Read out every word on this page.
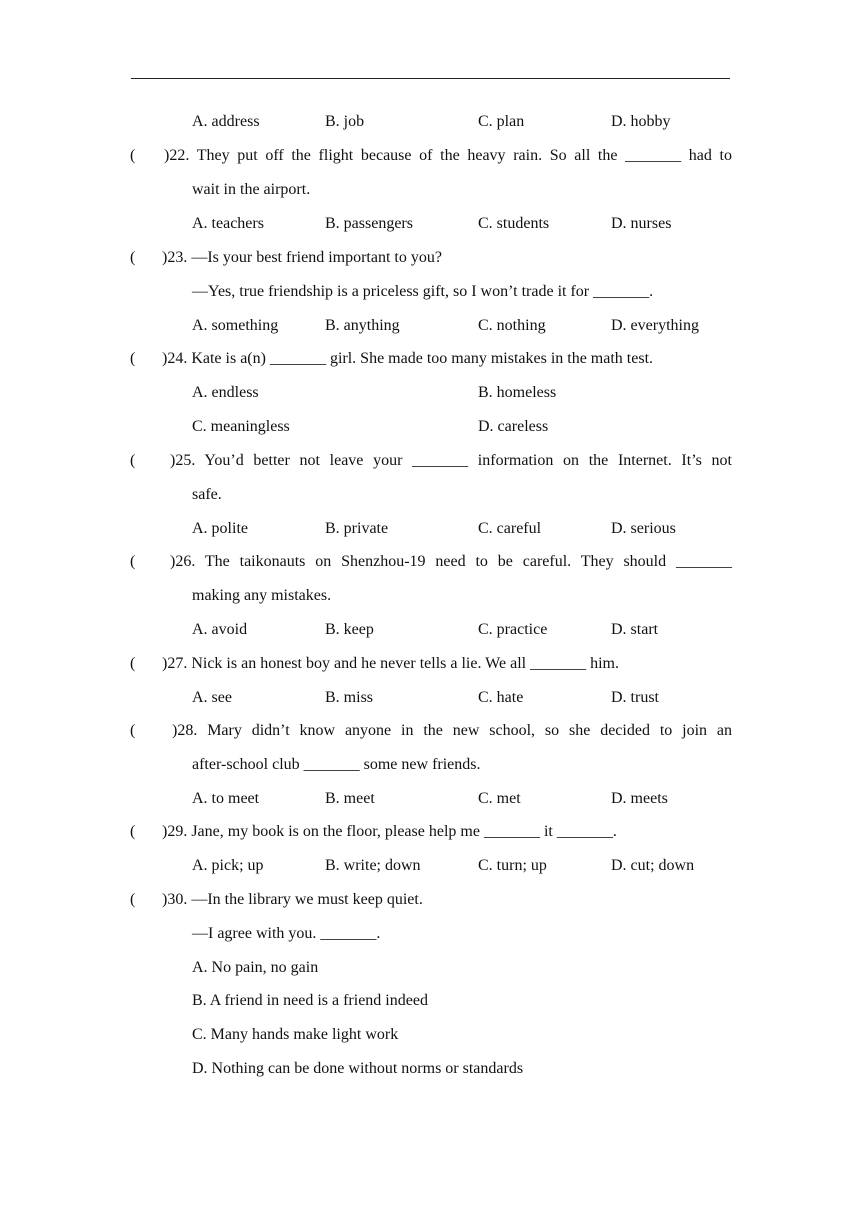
A. address	B. job	C. plan	D. hobby
( )22. They put off the flight because of the heavy rain. So all the _______ had to
wait in the airport.
A. teachers	B. passengers	C. students	D. nurses
( )23. —Is your best friend important to you?
—Yes, true friendship is a priceless gift, so I won’t trade it for _______.
A. something	B. anything	C. nothing	D. everything
( )24. Kate is a(n) _______ girl. She made too many mistakes in the math test.
A. endless	B. homeless
C. meaningless	D. careless
( )25. You’d better not leave your _______ information on the Internet. It’s not
safe.
A. polite	B. private	C. careful	D. serious
( )26. The taikonauts on Shenzhou-19 need to be careful. They should _______
making any mistakes.
A. avoid	B. keep	C. practice	D. start
( )27. Nick is an honest boy and he never tells a lie. We all _______ him.
A. see	B. miss	C. hate	D. trust
( )28. Mary didn’t know anyone in the new school, so she decided to join an
after-school club _______ some new friends.
A. to meet	B. meet	C. met	D. meets
( )29. Jane, my book is on the floor, please help me _______ it _______.
A. pick; up	B. write; down	C. turn; up	D. cut; down
( )30. —In the library we must keep quiet.
—I agree with you. _______.
A. No pain, no gain
B. A friend in need is a friend indeed
C. Many hands make light work
D. Nothing can be done without norms or standards
